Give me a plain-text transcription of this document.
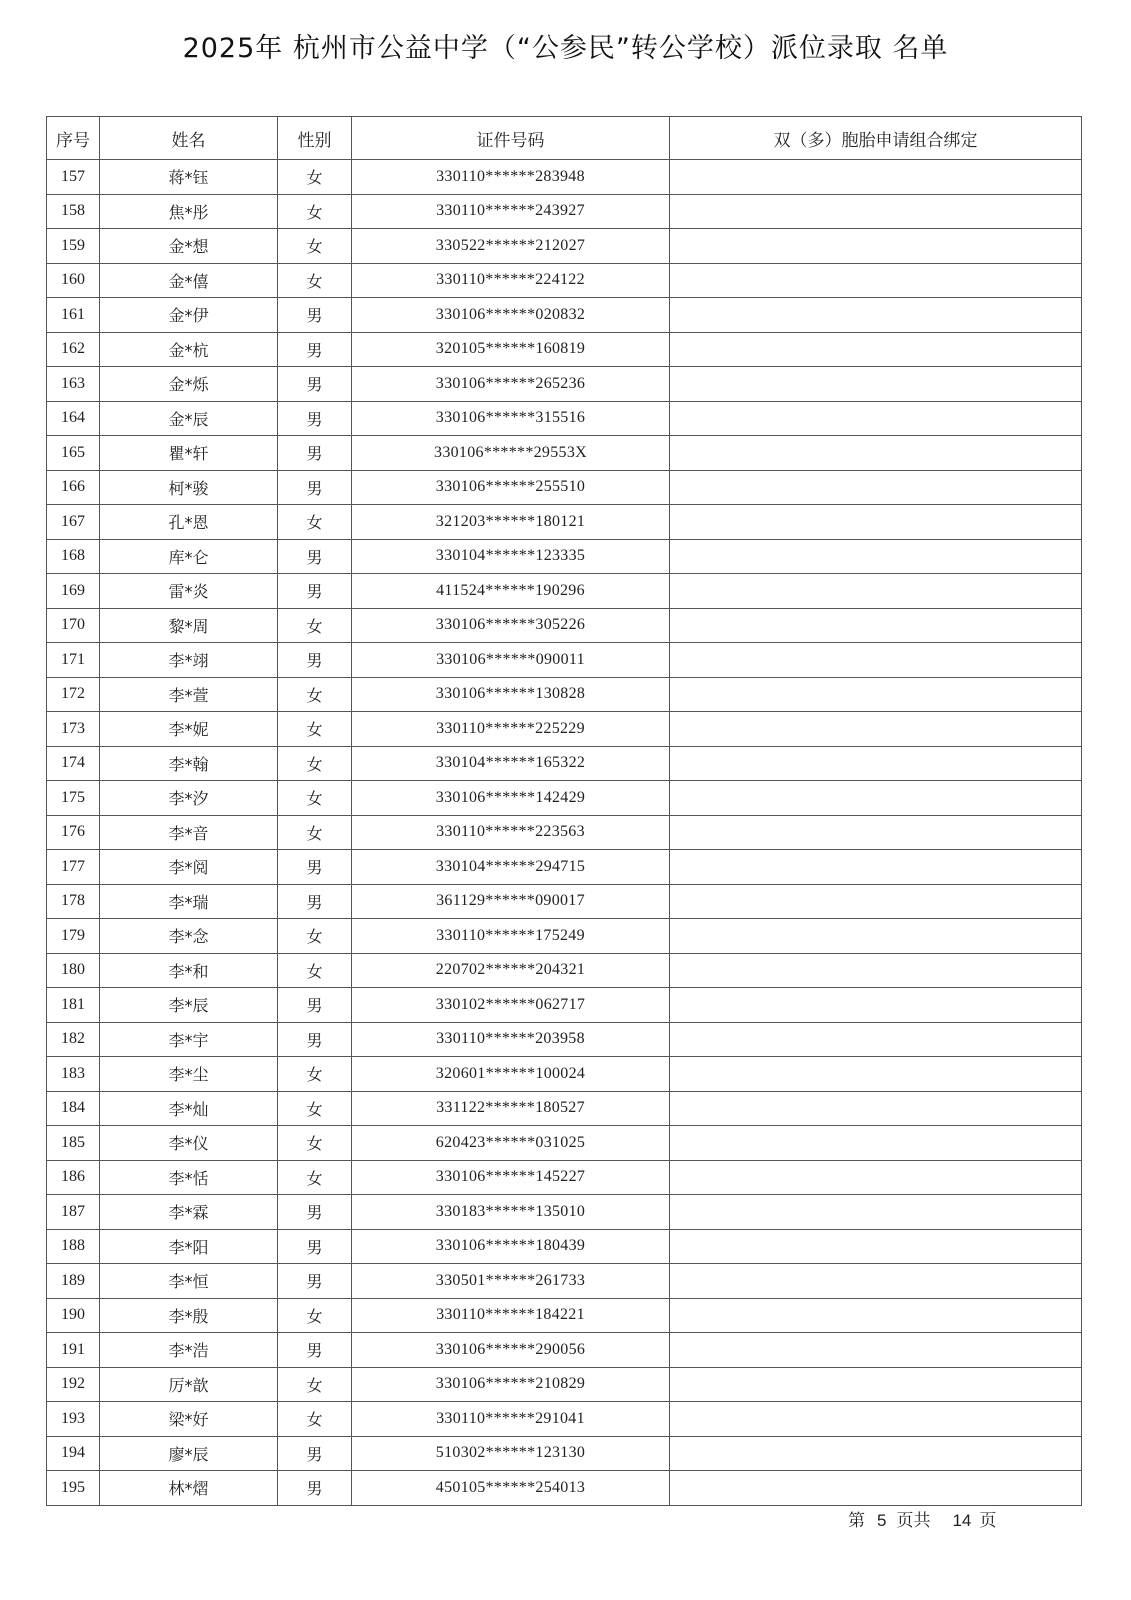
2025年 杭州市公益中学（“公参民”转公学校）派位录取 名单
序号	姓名	性别	证件号码	双（多）胞胎申请组合绑定
157	蒋*钰	女	330110******283948	
158	焦*彤	女	330110******243927	
159	金*想	女	330522******212027	
160	金*僖	女	330110******224122	
161	金*伊	男	330106******020832	
162	金*杭	男	320105******160819	
163	金*烁	男	330106******265236	
164	金*辰	男	330106******315516	
165	瞿*轩	男	330106******29553X	
166	柯*骏	男	330106******255510	
167	孔*恩	女	321203******180121	
168	库*仑	男	330104******123335	
169	雷*炎	男	411524******190296	
170	黎*周	女	330106******305226	
171	李*翊	男	330106******090011	
172	李*萱	女	330106******130828	
173	李*妮	女	330110******225229	
174	李*翰	女	330104******165322	
175	李*汐	女	330106******142429	
176	李*音	女	330110******223563	
177	李*阅	男	330104******294715	
178	李*瑞	男	361129******090017	
179	李*念	女	330110******175249	
180	李*和	女	220702******204321	
181	李*辰	男	330102******062717	
182	李*宇	男	330110******203958	
183	李*尘	女	320601******100024	
184	李*灿	女	331122******180527	
185	李*仪	女	620423******031025	
186	李*恬	女	330106******145227	
187	李*霖	男	330183******135010	
188	李*阳	男	330106******180439	
189	李*恒	男	330501******261733	
190	李*殷	女	330110******184221	
191	李*浩	男	330106******290056	
192	厉*歆	女	330106******210829	
193	梁*好	女	330110******291041	
194	廖*辰	男	510302******123130	
195	林*熠	男	450105******254013	
第 5 页共 14 页
